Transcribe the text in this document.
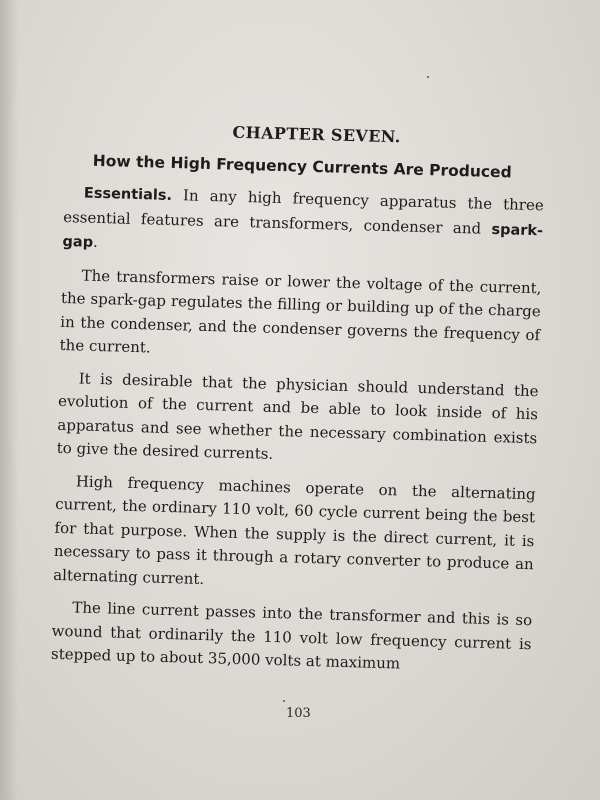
CHAPTER SEVEN.
How the High Frequency Currents Are Produced

Essentials. In any high frequency apparatus the three essential features are transformers, condenser and spark-gap.

The transformers raise or lower the voltage of the current, the spark-gap regulates the filling or building up of the charge in the condenser, and the condenser governs the frequency of the current.

It is desirable that the physician should understand the evolution of the current and be able to look inside of his apparatus and see whether the necessary combination exists to give the desired currents.

High frequency machines operate on the alternating current, the ordinary 110 volt, 60 cycle current being the best for that purpose. When the supply is the direct current, it is necessary to pass it through a rotary converter to produce an alternating current.

The line current passes into the transformer and this is so wound that ordinarily the 110 volt low frequency current is stepped up to about 35,000 volts at maximum

103
